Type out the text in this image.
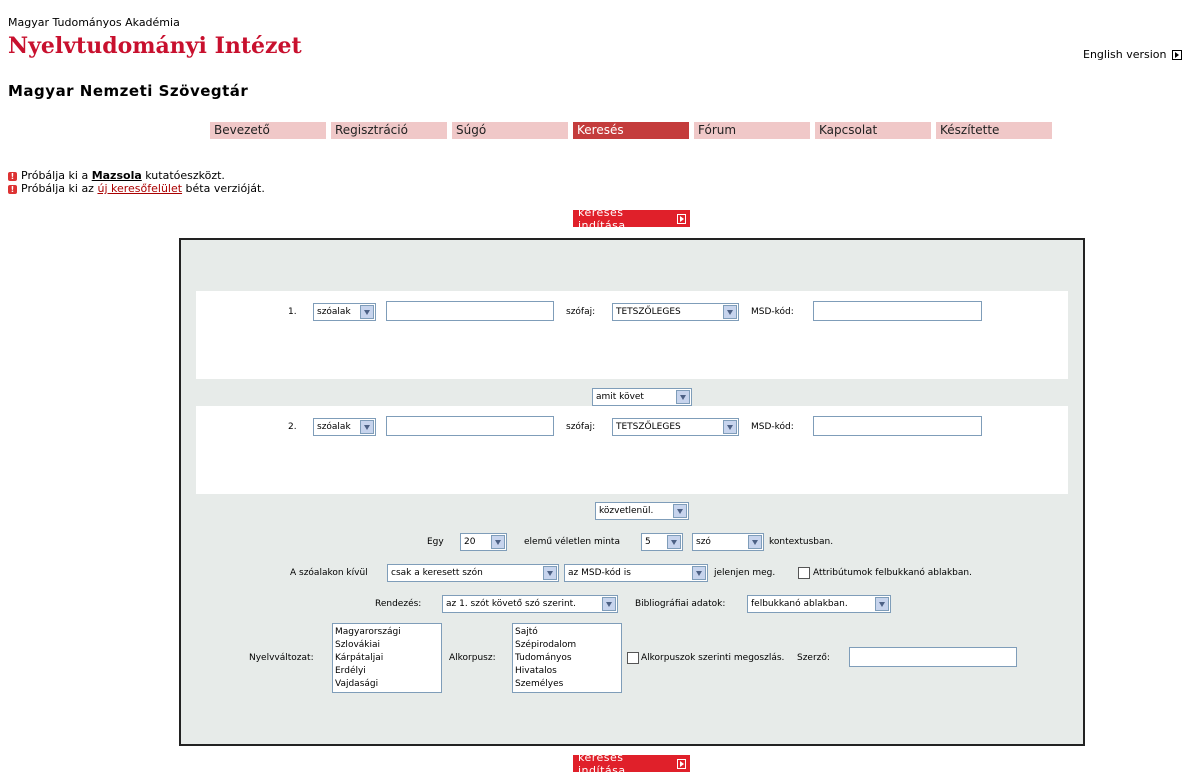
Magyar Tudományos Akadémia
Nyelvtudományi Intézet	English version
Magyar Nemzeti Szövegtár
Bevezető	Regisztráció	Súgó	Keresés	Fórum	Kapcsolat	Készítette
! Próbálja ki a Mazsola kutatóeszközt.
! Próbálja ki az új keresőfelület béta verzióját.
keresés indítása
1.	szóalak	szófaj:	TETSZŐLEGES	MSD-kód:
amit követ
2.	szóalak	szófaj:	TETSZŐLEGES	MSD-kód:
közvetlenül.
Egy	20	elemű véletlen minta	5	szó	kontextusban.
A szóalakon kívül	csak a keresett szón	az MSD-kód is	jelenjen meg.	Attribútumok felbukkanó ablakban.
Rendezés:	az 1. szót követő szó szerint.	Bibliográfiai adatok:	felbukkanó ablakban.
Nyelvváltozat:
Magyarországi
Szlovákiai
Kárpátaljai
Erdélyi
Vajdasági
Alkorpusz:
Sajtó
Szépirodalom
Tudományos
Hivatalos
Személyes
Alkorpuszok szerinti megoszlás. Szerző:
keresés indítása
